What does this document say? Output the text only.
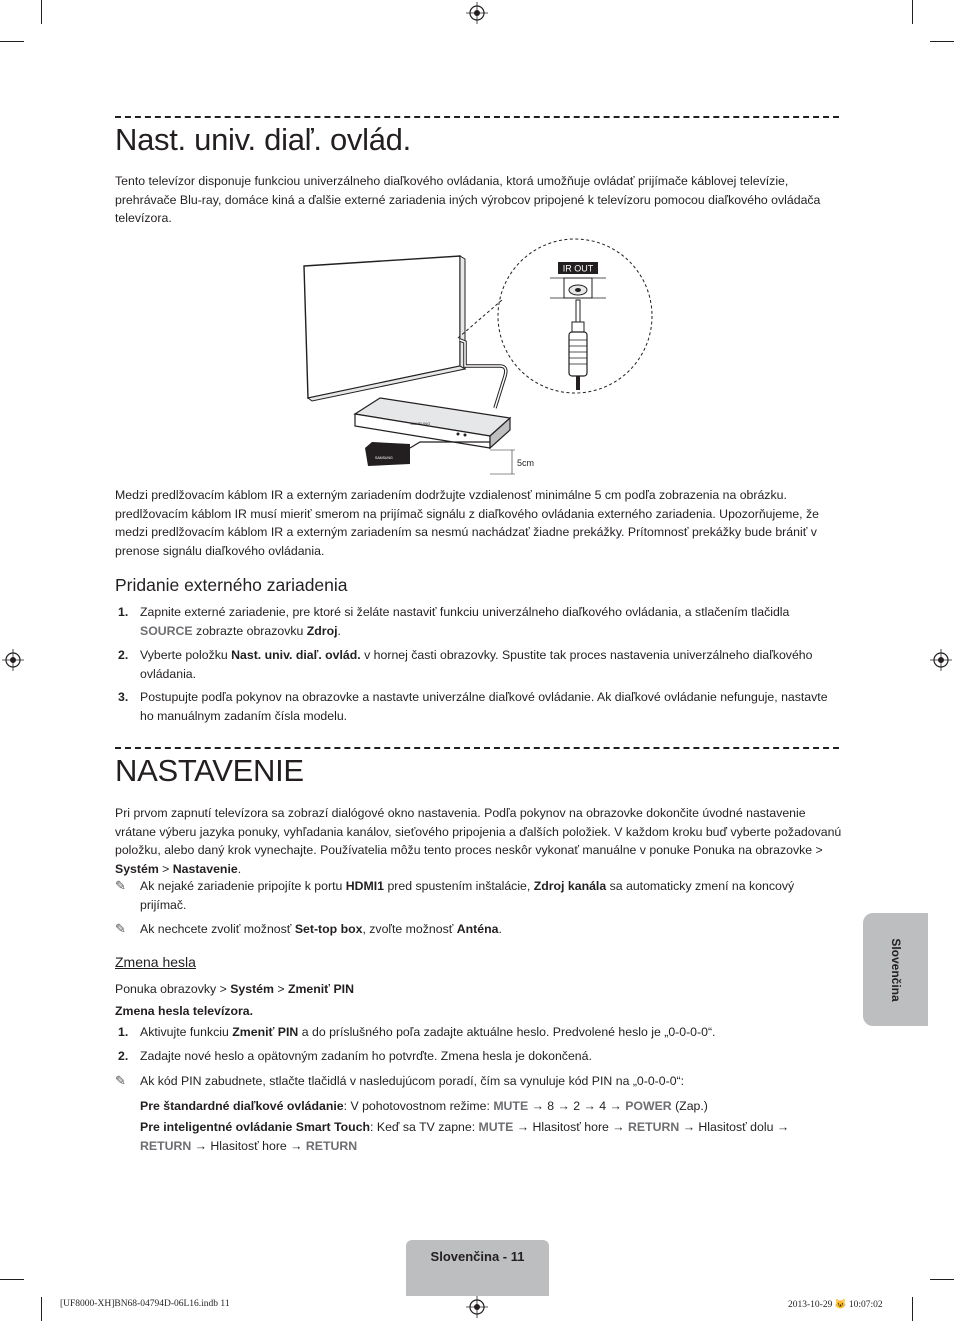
Nast. univ. diaľ. ovlád.

Tento televízor disponuje funkciou univerzálneho diaľkového ovládania, ktorá umožňuje ovládať prijímače káblovej televízie, prehrávače Blu-ray, domáce kiná a ďalšie externé zariadenia iných výrobcov pripojené k televízoru pomocou diaľkového ovládača televízora.

SAMSUNG
SAMSUNG	5cm
IR OUT

Medzi predlžovacím káblom IR a externým zariadením dodržujte vzdialenosť minimálne 5 cm podľa zobrazenia na obrázku. predlžovacím káblom IR musí mieriť smerom na prijímač signálu z diaľkového ovládania externého zariadenia. Upozorňujeme, že medzi predlžovacím káblom IR a externým zariadením sa nesmú nachádzať žiadne prekážky. Prítomnosť prekážky bude brániť v prenose signálu diaľkového ovládania.

Pridanie externého zariadenia
1. Zapnite externé zariadenie, pre ktoré si želáte nastaviť funkciu univerzálneho diaľkového ovládania, a stlačením tlačidla SOURCE zobrazte obrazovku Zdroj.
2. Vyberte položku Nast. univ. diaľ. ovlád. v hornej časti obrazovky. Spustite tak proces nastavenia univerzálneho diaľkového ovládania.
3. Postupujte podľa pokynov na obrazovke a nastavte univerzálne diaľkové ovládanie. Ak diaľkové ovládanie nefunguje, nastavte ho manuálnym zadaním čísla modelu.
NASTAVENIE

Pri prvom zapnutí televízora sa zobrazí dialógové okno nastavenia. Podľa pokynov na obrazovke dokončite úvodné nastavenie vrátane výberu jazyka ponuky, vyhľadania kanálov, sieťového pripojenia a ďalších položiek. V každom kroku buď vyberte požadovanú položku, alebo daný krok vynechajte. Používatelia môžu tento proces neskôr vykonať manuálne v ponuke Ponuka na obrazovke > Systém > Nastavenie.

✎ Ak nejaké zariadenie pripojíte k portu HDMI1 pred spustením inštalácie, Zdroj kanála sa automaticky zmení na koncový prijímač.
✎ Ak nechcete zvoliť možnosť Set-top box, zvoľte možnosť Anténa.
Zmena hesla
Ponuka obrazovky > Systém > Zmeniť PIN
Zmena hesla televízora.
1. Aktivujte funkciu Zmeniť PIN a do príslušného poľa zadajte aktuálne heslo. Predvolené heslo je „0-0-0-0“.
2. Zadajte nové heslo a opätovným zadaním ho potvrďte. Zmena hesla je dokončená.
✎ Ak kód PIN zabudnete, stlačte tlačidlá v nasledujúcom poradí, čím sa vynuluje kód PIN na „0-0-0-0“:
Pre štandardné diaľkové ovládanie: V pohotovostnom režime: MUTE → 8 → 2 → 4 → POWER (Zap.)
Pre inteligentné ovládanie Smart Touch: Keď sa TV zapne: MUTE → Hlasitosť hore → RETURN → Hlasitosť dolu → RETURN → Hlasitosť hore → RETURN
Slovenčina
Slovenčina - 11
[UF8000-XH]BN68-04794D-06L16.indb 11	2013-10-29 😺 10:07:02
